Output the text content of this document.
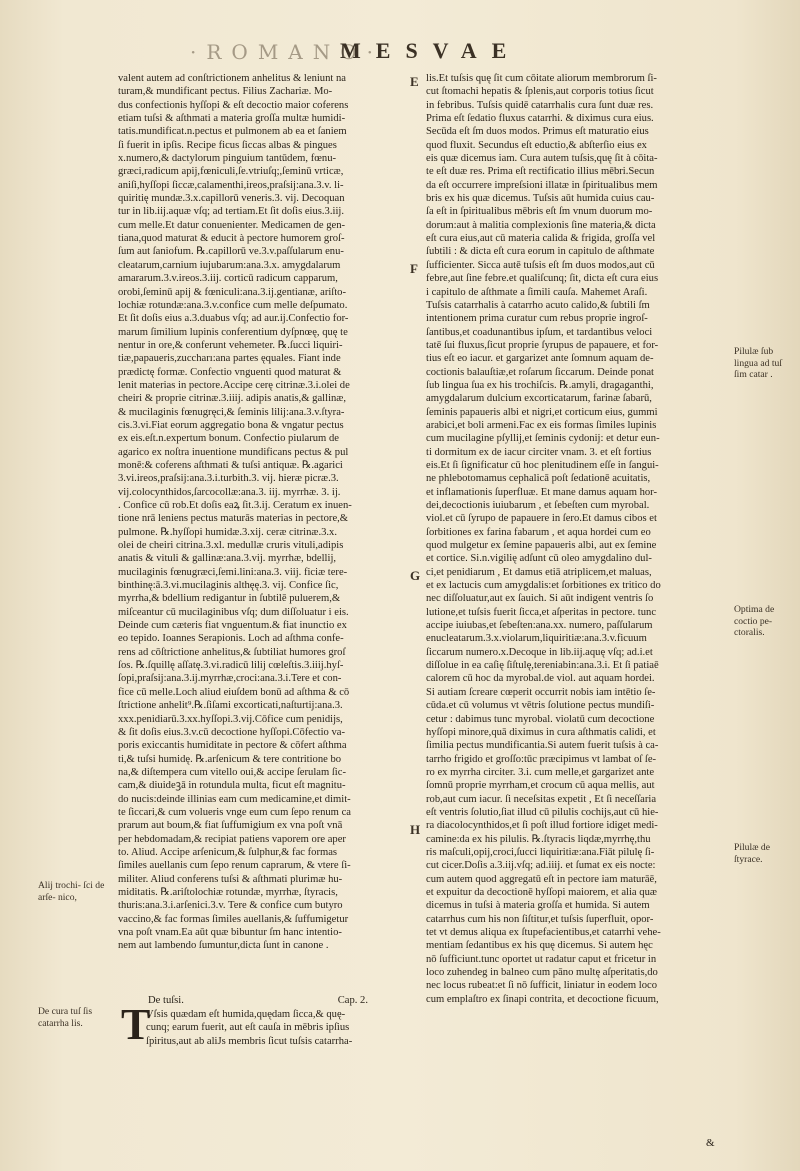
·ROMANO·
MESVAE
E
F
G
H
valent autem ad conſtrictionem anhelitus & leniunt na
turam,& mundificant pectus. Filius Zachariæ. Mo-
dus confectionis hyſſopi & eſt decoctio maior coferens
etiam tuſsi & aſthmati a materia groſſa multæ humidi-
tatis.mundificat.n.pectus et pulmonem ab ea et ſaniem
ſi fuerit in ipſis. Recipe ficus ſiccas albas & pingues
x.numero,& dactylorum pinguium tantūdem, fœnu-
græci,radicum apij,fœniculi,ſe.vtriuſq;,ſeminū vrticæ,
aniſi,hyſſopi ſiccæ,calamenthi,ireos,praſsij:ana.3.v. li-
quiritię mundæ.3.x.capillorū veneris.3. vij. Decoquan
tur in lib.iij.aquæ vſq; ad tertiam.Et ſit doſis eius.3.iij.
cum melle.Et datur conuenienter. Medicamen de gen-
tiana,quod maturat & educit à pectore humorem groſ-
ſum aut ſaniofum. ℞.capillorū ve.3.v.paſſularum enu-
cleatarum,carnium iujubarum:ana.3.x. amygdalarum
amararum.3.v.ireos.3.iij. corticū radicum capparum,
orobi,ſeminū apij & fœniculi:ana.3.ij.gentianæ, ariſto-
lochiæ rotundæ:ana.3.v.confice cum melle deſpumato.
Et ſit doſis eius a.3.duabus vſq; ad aur.ij.Confectio for-
marum ſimilium lupinis conferentium dyſpnœę, quę te
nentur in ore,& conferunt vehemeter. ℞.ſucci liquiri-
tiæ,papaueris,zuccharı:ana partes ęquales. Fiant inde
prædictę formæ. Confectio vnguenti quod maturat &
lenit materias in pectore.Accipe cerę citrinæ.3.i.olei de
cheiri & proprie citrinæ.3.iiij. adipis anatis,& gallinæ,
& mucilaginis fœnugręci,& ſeminis lilij:ana.3.v.ſtyra-
cis.3.vi.Fiat eorum aggregatio bona & vngatur pectus
ex eis.eſt.n.expertum bonum. Confectio piularum de
agarico ex noſtra inuentione mundificans pectus & pul
monē:& coferens aſthmati & tuſsi antiquæ. ℞.agarici
3.vi.ireos,praſsij:ana.3.i.turbith.3. vij. hieræ picræ.3.
vij.colocynthidos,ſarcocollæ:ana.3. iij. myrrhæ. 3. ij.
. Confice cū rob.Et doſis eaꝝ ſit.3.ij. Ceratum ex inuen-
tione nrā leniens pectus maturās materias in pectore,&
pulmone. ℞.hyſſopi humidæ.3.xij. ceræ citrinæ.3.x.
olei de cheiri citrina.3.xl. medullæ cruris vituli,adipis
anatis & vituli & gallinæ:ana.3.vij. myrrhæ, bdellij,
mucilaginis fœnugræci,ſemi.lini:ana.3. viij. ficiæ tere-
binthinę:ā.3.vi.mucilaginis althęę.3. vij. Confice ſic,
myrrha,& bdellium redigantur in ſubtilē puluerem,&
miſceantur cū mucilaginibus vſq; dum diſſoluatur i eis.
Deinde cum cæteris fiat vnguentum.& fiat inunctio ex
eo tepido. Ioannes Serapionis. Loch ad aſthma confe-
rens ad cōſtrictione anhelitus,& ſubtiliat humores groſ
ſos. ℞.ſquillę aſſatę.3.vi.radicū lilij cœleſtis.3.iiij.hyſ-
ſopi,praſsij:ana.3.ij.myrrhæ,croci:ana.3.i.Tere et con-
fice cū melle.Loch aliud eiuſdem bonū ad aſthma & cō
ſtrictione anhelit⁹.℞.ſiſami excorticati,naſturtij:ana.3.
xxx.penidiarū.3.xx.hyſſopi.3.vij.Cōfice cum penidijs,
& ſit doſis eius.3.v.cū decoctione hyſſopi.Cōfectio va-
poris exiccantis humiditate in pectore & cōfert aſthma
ti,& tuſsi humidę. ℞.arſenicum & tere contritione bo
na,& diſtempera cum vitello oui,& accipe ſerulam ſic-
cam,& diuideꝫā in rotundula multa, ficut eſt magnitu-
do nucis:deinde illinias eam cum medicamine,et dimit-
te ſiccari,& cum volueris vnge eum cum ſepo renum ca
prarum aut boum,& fiat ſuffumigium ex vna poſt vnā
per hebdomadam,& recipiat patiens vaporem ore aper
to. Aliud. Accipe arſenicum,& ſulphur,& fac formas
ſimiles auellanis cum ſepo renum caprarum, & vtere ſi-
militer. Aliud conferens tuſsi & aſthmati plurimæ hu-
miditatis. ℞.ariſtolochiæ rotundæ, myrrhæ, ſtyracis,
thuris:ana.3.i.arſenici.3.v. Tere & confice cum butyro
vaccino,& fac formas ſimiles auellanis,& ſuffumigetur
vna poſt vnam.Ea aūt quæ bibuntur ſm hanc intentio-
nem aut lambendo ſumuntur,dicta ſunt in canone .
De tuſsi.	Cap. 2.
T
Vſsis quædam eſt humida,quędam ſicca,& quę-
cunq; earum fuerit, aut eſt cauſa in mēbris ipſius
ſpiritus,aut ab aliJs membris ſicut tuſsis catarrha-
lis.Et tuſsis quę ſit cum cōitate aliorum membrorum ſi-
cut ſtomachi hepatis & ſplenis,aut corporis totius ſicut
in febribus. Tuſsis quidē catarrhalis cura ſunt duæ res.
Prima eſt ſedatio fluxus catarrhi. & diximus cura eius.
Secūda eſt ſm duos modos. Primus eſt maturatio eius
quod fluxit. Secundus eſt eductio,& abſterſio eius ex
eis quæ dicemus iam. Cura autem tuſsis,quę ſit à cōita-
te eſt duæ res. Prima eſt rectificatio illius mēbri.Secun
da eſt occurrere impreſsioni illatæ in ſpiritualibus mem
bris ex his quæ dicemus. Tuſsis aūt humida cuius cau-
ſa eſt in ſpiritualibus mēbris eſt ſm vnum duorum mo-
dorum:aut à malitia complexionis ſine materia,& dicta
eſt cura eius,aut cū materia calida & frigida, groſſa vel
ſubtili : & dicta eſt cura eorum in capitulo de aſthmate
ſufficienter. Sicca autē tuſsis eſt ſm duos modos,aut cū
febre,aut ſine febre.et qualiſcunq; ſit, dicta eſt cura eius
i capitulo de aſthmate a ſimili cauſa. Mahemet Araſi.
Tuſsis catarrhalis à catarrho acuto calido,& ſubtili ſm
intentionem prima curatur cum rebus proprie ingroſ-
ſantibus,et coadunantibus ipſum, et tardantibus veloci
tatē ſui fluxus,ſicut proprie ſyrupus de papauere, et for-
tius eſt eo iacur. et gargarizet ante ſomnum aquam de-
coctionis balauſtiæ,et roſarum ſiccarum. Deinde ponat
ſub lingua ſua ex his trochiſcis. ℞.amyli, dragaganthi,
amygdalarum dulcium excorticatarum, farinæ ſabarū,
ſeminis papaueris albi et nigri,et corticum eius, gummi
arabici,et boli armeni.Fac ex eis formas ſimiles lupinis
cum mucilagine pſyllij,et ſeminis cydonij: et detur eun-
ti dormitum ex de iacur circiter vnam. 3. et eſt fortius
eis.Et ſi ſignificatur cū hoc plenitudinem eſſe in ſangui-
ne phlebotomamus cephalicā poſt ſedationē acuitatis,
et inflamationis ſuperfluæ. Et mane damus aquam hor-
dei,decoctionis iuiubarum , et ſebeſten cum myrobal.
viol.et cū ſyrupo de papauere in ſero.Et damus cibos et
ſorbitiones ex farina fabarum , et aqua hordei cum eo
quod mulgetur ex ſemine papaueris albi, aut ex ſemine
et cortice. Si.n.vigilię adſunt cū oleo amygdalino dul-
ci,et penidiarum , Et damus etiā atriplicem,et maluas,
et ex lactucis cum amygdalis:et ſorbitiones ex tritico do
nec diſſoluatur,aut ex ſauich. Si aūt indigent ventris ſo
lutione,et tuſsis fuerit ſicca,et aſperitas in pectore. tunc
accipe iuiubas,et ſebeſten:ana.xx. numero, paſſularum
enucleatarum.3.x.violarum,liquiritiæ:ana.3.v.ficuum
ſiccarum numero.x.Decoque in lib.iij.aquę vſq; ad.i.et
diſſolue in ea caſię ſiſtulę,tereniabin:ana.3.i. Et ſi patiaē
calorem cū hoc da myrobal.de viol. aut aquam hordei.
Si autiam ſcreare cœperit occurrit nobis iam intētio ſe-
cūda.et cū volumus vt vētris ſolutione pectus mundiſi-
cetur : dabimus tunc myrobal. violatū cum decoctione
hyſſopi minore,quā diximus in cura aſthmatis calidi, et
ſimilia pectus mundificantia.Si autem fuerit tuſsis à ca-
tarrho frigido et groſſo:tūc præcipimus vt lambat oſ ſe-
ro ex myrrha circiter. 3.i. cum melle,et gargarizet ante
ſomnū proprie myrrham,et crocum cū aqua mellis, aut
rob,aut cum iacur. ſi neceſsitas expetit , Et ſi neceſſaria
eſt ventris ſolutio,ſiat illud cū pilulis cochijs,aut cū hie-
ra diacolocynthidos,et ſi poſt illud fortiore idiget medi-
camine:da ex his pilulis. ℞.ſtyracis liqdæ,myrrhę,thu
ris maſculi,opij,croci,ſucci liquiritiæ:ana.Fiāt pilulę ſi-
cut cicer.Doſis a.3.iij.vſq; ad.iiij. et ſumat ex eis nocte:
cum autem quod aggregatū eſt in pectore iam maturāē,
et expuitur da decoctionē hyſſopi maiorem, et alia quæ
dicemus in tuſsi à materia groſſa et humida. Si autem
catarrhus cum his non ſiſtitur,et tuſsis ſuperfluit, opor-
tet vt demus aliqua ex ſtupefacientibus,et catarrhi vehe-
mentiam ſedantibus ex his quę dicemus. Si autem hęc
nō ſufficiunt.tunc oportet ut radatur caput et fricetur in
loco zuhendeg in balneo cum pāno multę aſperitatis,do
nec locus rubeat:et ſi nō ſufficit, liniatur in eodem loco
cum emplaſtro ex ſinapi contrita, et decoctione ficuum,
&
Pilulæ ſub lingua ad tuſ ſim catar .
Optima de coctio pe- ctoralis.
Pilulæ de ſtyrace.
Alij trochi- ſci de arſe- nico,
De cura tuſ ſis catarrha lis.
